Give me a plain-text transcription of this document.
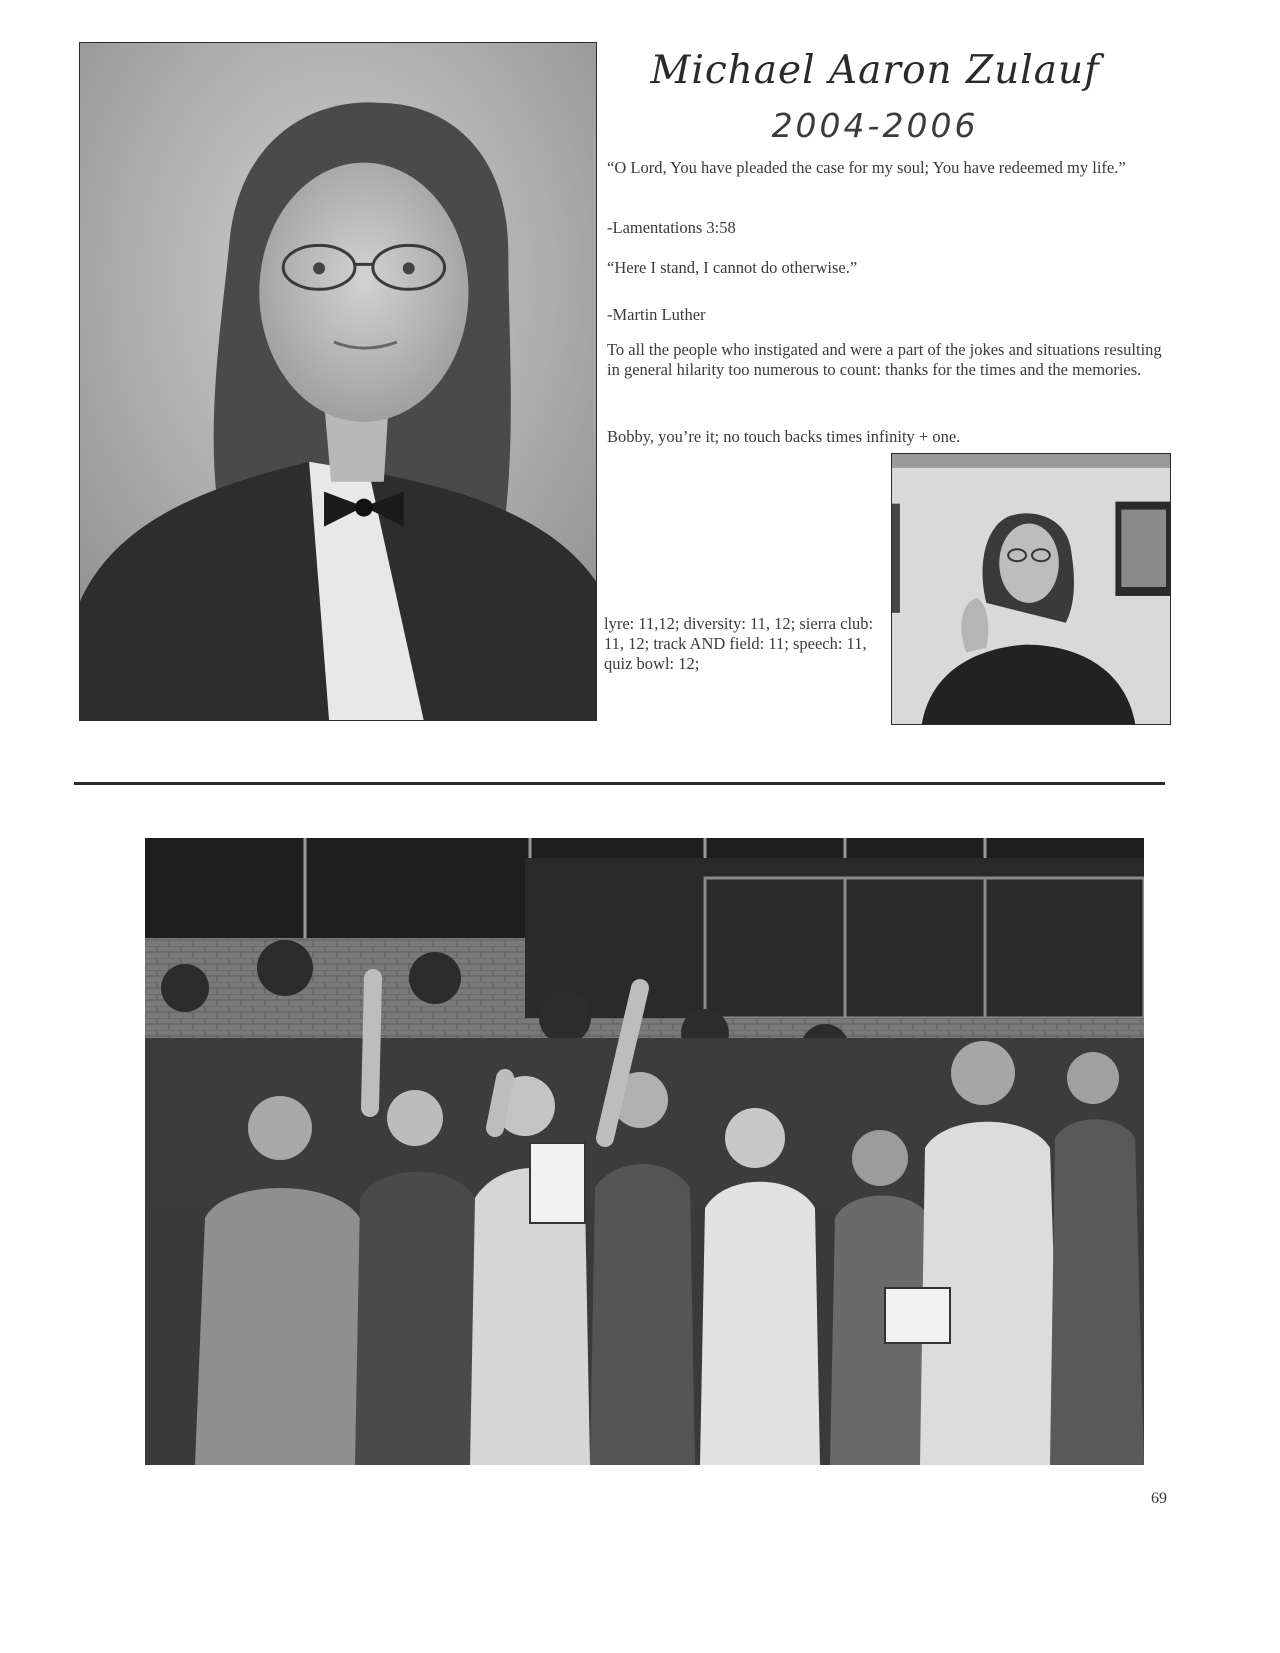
Michael Aaron Zulauf
2004-2006
“O Lord, You have pleaded the case for my soul; You have redeemed my life.”
-Lamentations 3:58
“Here I stand, I cannot do otherwise.”
-Martin Luther
To all the people who instigated and were a part of the jokes and situations resulting in general hilarity too numerous to count: thanks for the times and the memories.
Bobby, you’re it; no touch backs times infinity + one.
lyre: 11,12; diversity: 11, 12; sierra club: 11, 12; track AND field: 11; speech: 11, quiz bowl: 12;
69
